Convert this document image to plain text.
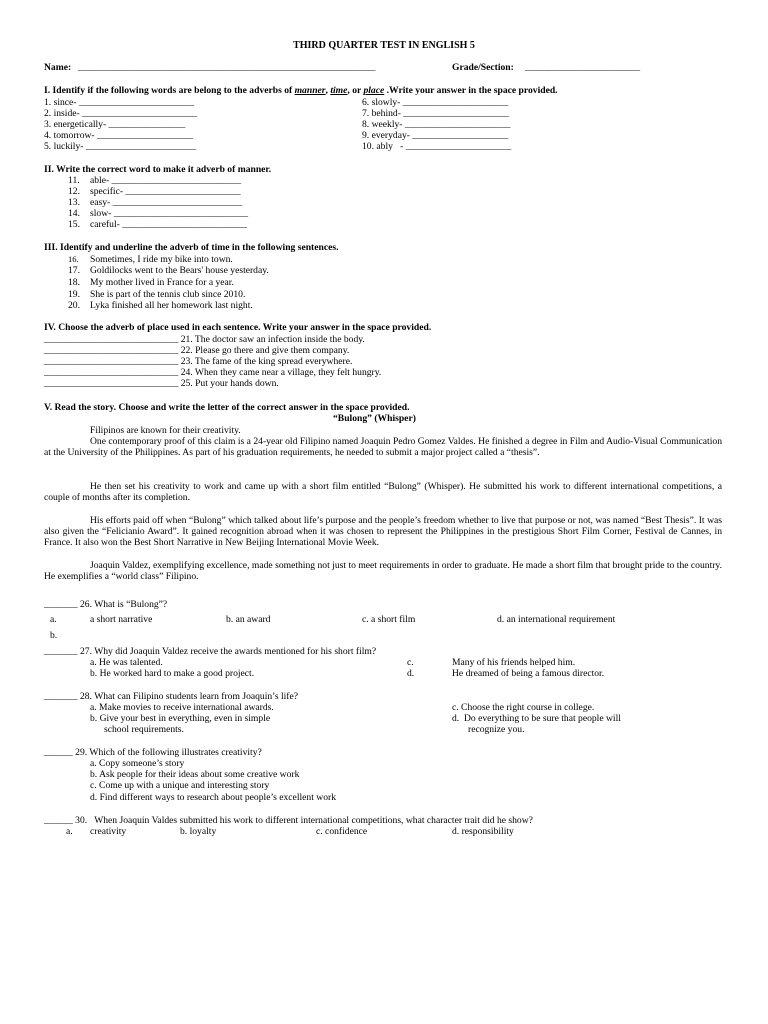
THIRD QUARTER TEST IN ENGLISH 5
Name: ______________________________________________________________	Grade/Section: ________________________
I. Identify if the following words are belong to the adverbs of manner, time, or place .Write your answer in the space provided.
1. since- ________________________
2. inside- ________________________
3. energetically- ________________
4. tomorrow- ____________________
5. luckily- _______________________
6. slowly- ______________________
7. behind- ______________________
8. weekly- ______________________
9. everyday- ____________________
10. ably   - ______________________
II. Write the correct word to make it adverb of manner.
11. able- ___________________________
12. specific- ________________________
13. easy- ___________________________
14. slow- ____________________________
15. careful- __________________________
III. Identify and underline the adverb of time in the following sentences.
16. Sometimes, I ride my bike into town.
17. Goldilocks went to the Bears' house yesterday.
18. My mother lived in France for a year.
19. She is part of the tennis club since 2010.
20. Lyka finished all her homework last night.
IV. Choose the adverb of place used in each sentence. Write your answer in the space provided.
____________________________ 21. The doctor saw an infection inside the body.
____________________________ 22. Please go there and give them company.
____________________________ 23. The fame of the king spread everywhere.
____________________________ 24. When they came near a village, they felt hungry.
____________________________ 25. Put your hands down.
V. Read the story. Choose and write the letter of the correct answer in the space provided.
“Bulong” (Whisper)
Filipinos are known for their creativity.
One contemporary proof of this claim is a 24-year old Filipino named Joaquin Pedro Gomez Valdes. He finished a degree in Film and Audio-Visual Communication at the University of the Philippines. As part of his graduation requirements, he needed to submit a major project called a “thesis”.
He then set his creativity to work and came up with a short film entitled “Bulong” (Whisper). He submitted his work to different international competitions, a couple of months after its completion.
His efforts paid off when “Bulong” which talked about life’s purpose and the people’s freedom whether to live that purpose or not, was named “Best Thesis”. It was also given the “Felicianio Award”. It gained recognition abroad when it was chosen to represent the Philippines in the prestigious Short Film Corner, Festival de Cannes, in France. It also won the Best Short Narrative in New Beijing International Movie Week.
Joaquin Valdez, exemplifying excellence, made something not just to meet requirements in order to graduate. He made a short film that brought pride to the country. He exemplifies a “world class” Filipino.
_______ 26. What is “Bulong”?
a.	a short narrative	b. an award	c. a short film	d. an international requirement
b.
_______ 27. Why did Joaquin Valdez receive the awards mentioned for his short film?
a. He was talented.
b. He worked hard to make a good project.
c.	Many of his friends helped him.
d.	He dreamed of being a famous director.
_______ 28. What can Filipino students learn from Joaquin’s life?
a. Make movies to receive international awards.
b. Give your best in everything, even in simple
school requirements.
c. Choose the right course in college.
d.  Do everything to be sure that people will
recognize you.
______ 29. Which of the following illustrates creativity?
a. Copy someone’s story
b. Ask people for their ideas about some creative work
c. Come up with a unique and interesting story
d. Find different ways to research about people’s excellent work
______ 30.   When Joaquin Valdes submitted his work to different international competitions, what character trait did he show?
a. creativity	b. loyalty	c. confidence	d. responsibility
